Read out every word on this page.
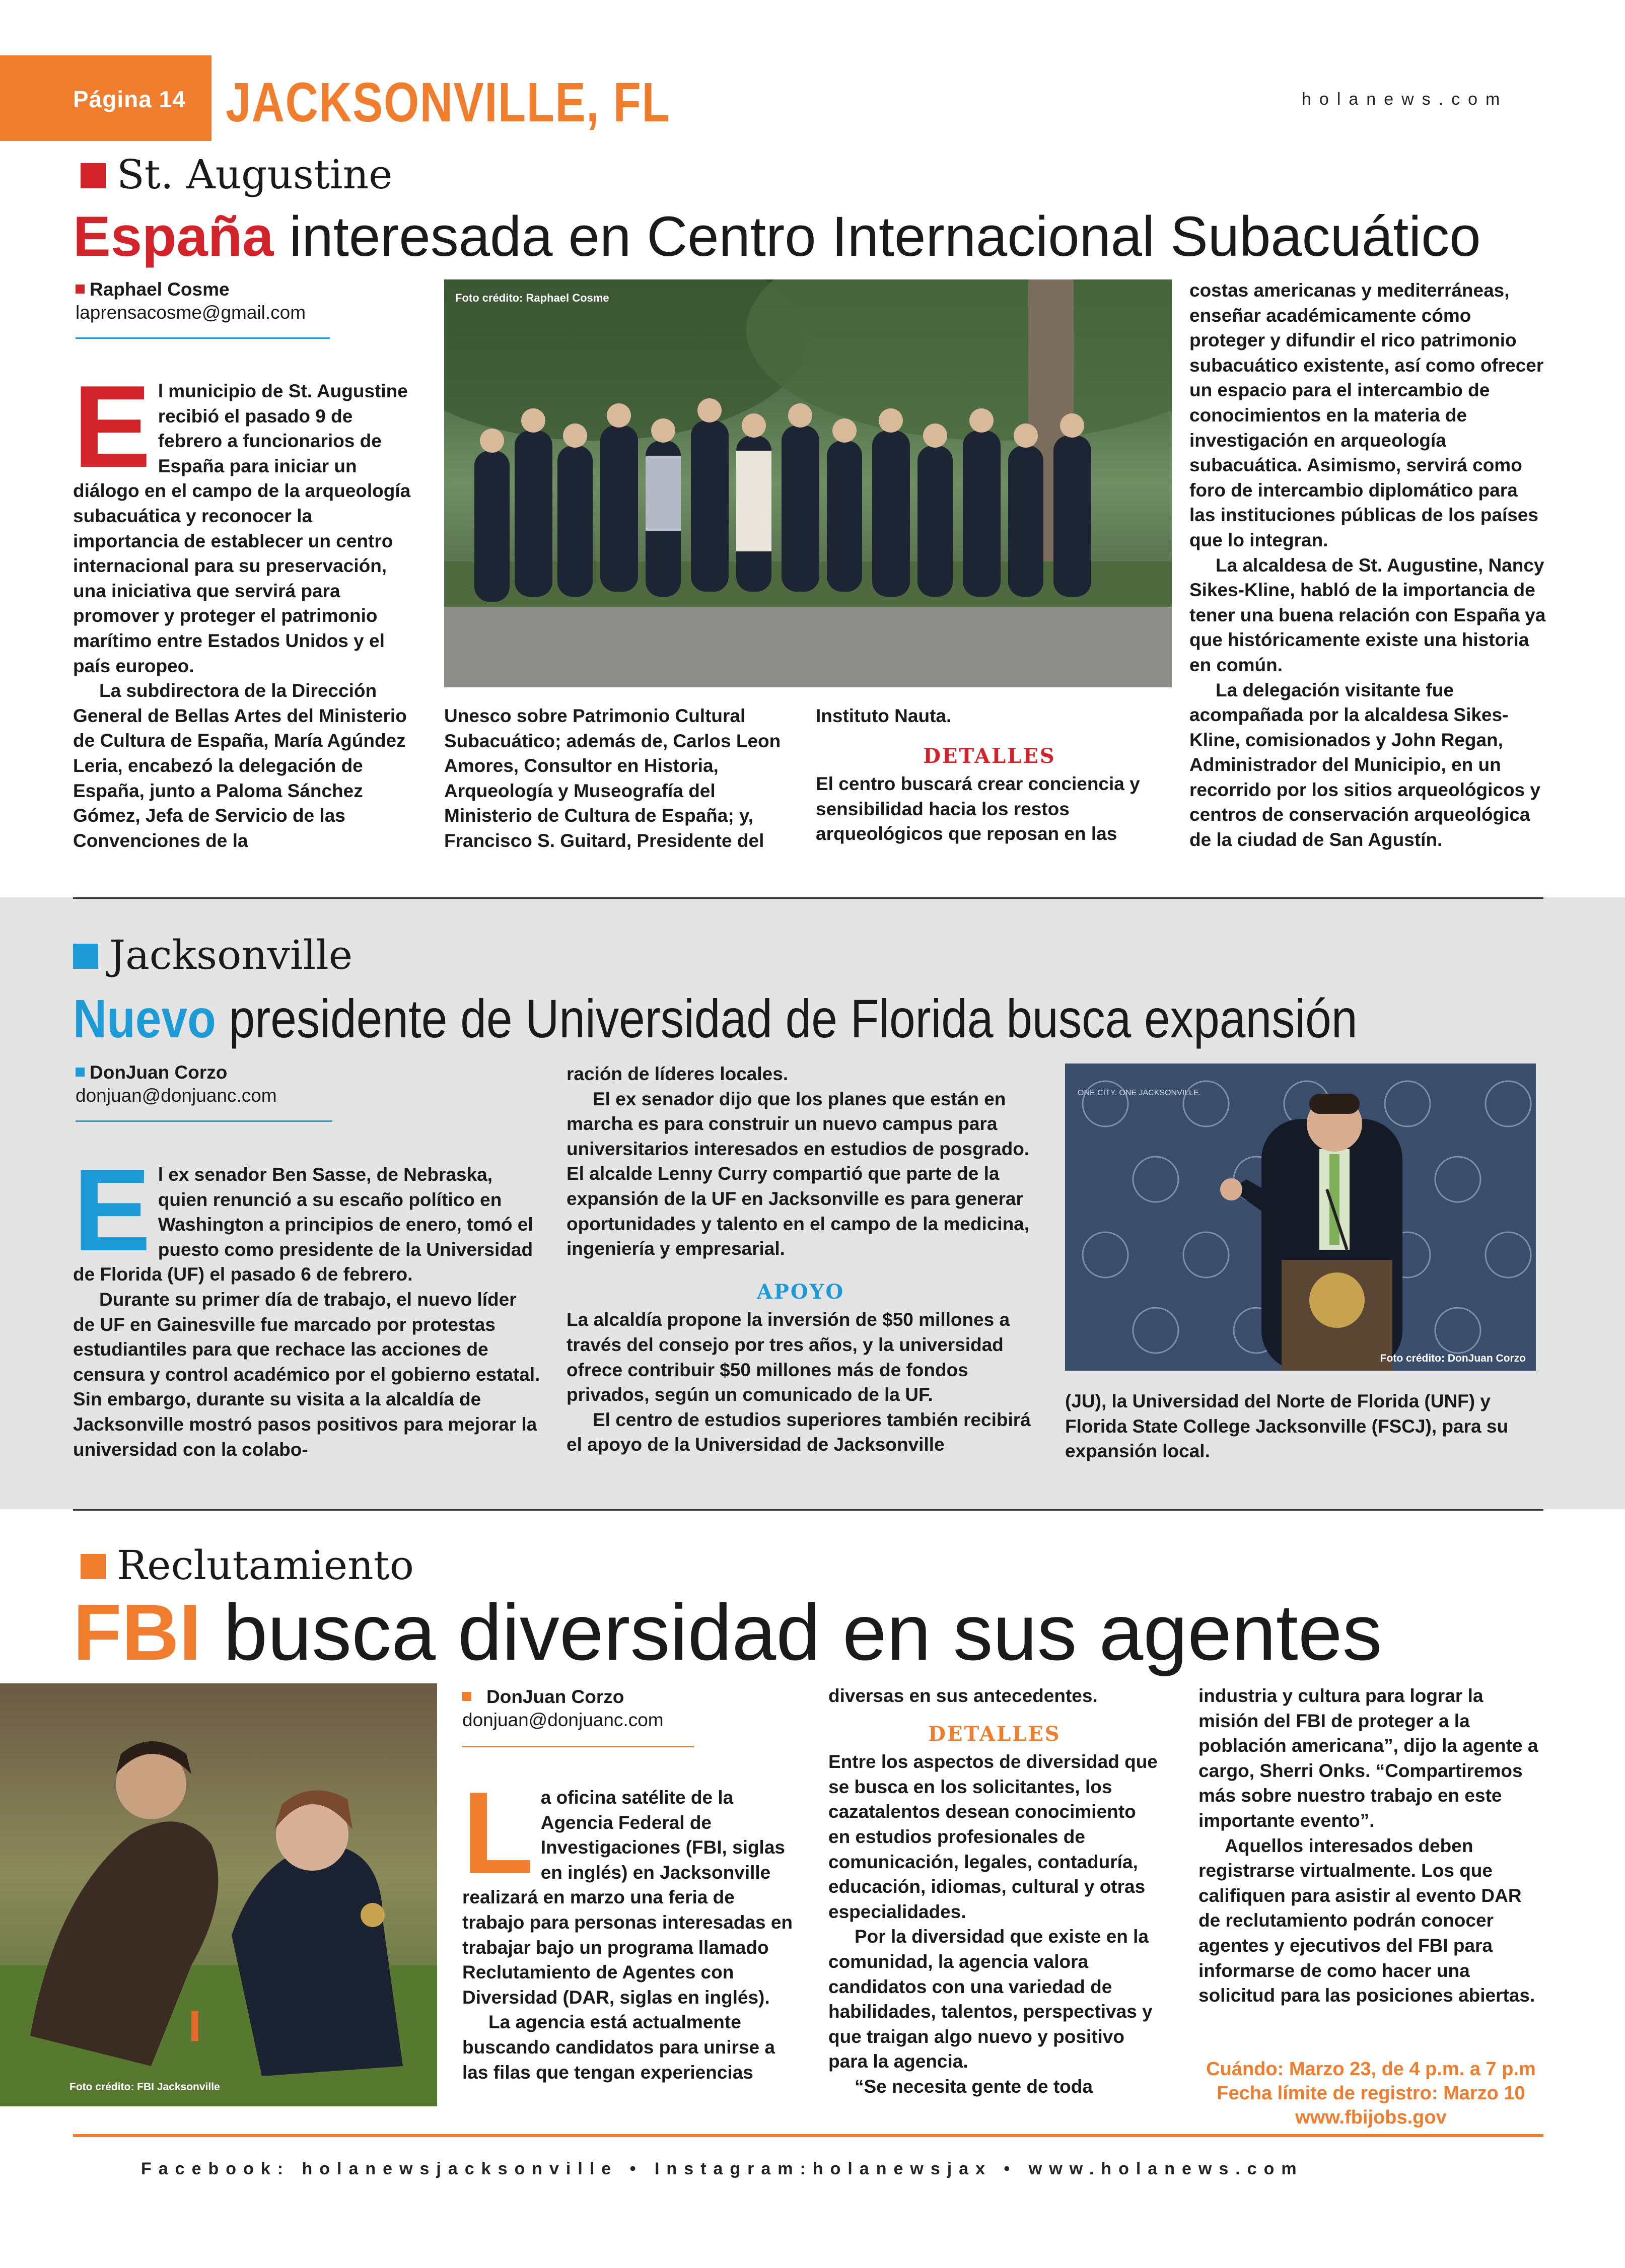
Página 14 JACKSONVILLE, FL	holanews.com
St. Augustine
España interesada en Centro Internacional Subacuático
Raphael Cosme
laprensacosme@gmail.com
E l municipio de St. Augustine recibió el pasado 9 de febrero a funcionarios de España para iniciar un diálogo en el campo de la arqueología subacuática y reconocer la importancia de establecer un centro internacional para su preservación, una iniciativa que servirá para promover y proteger el patrimonio marítimo entre Estados Unidos y el país europeo.

La subdirectora de la Dirección General de Bellas Artes del Ministerio de Cultura de España, María Agúndez Leria, encabezó la delegación de España, junto a Paloma Sánchez Gómez, Jefa de Servicio de las Convenciones de la

Foto crédito: Raphael Cosme

Unesco sobre Patrimonio Cultural Subacuático; además de, Carlos Leon Amores, Consultor en Historia, Arqueología y Museografía del Ministerio de Cultura de España; y, Francisco S. Guitard, Presidente del

Instituto Nauta.

DETALLES

El centro buscará crear conciencia y sensibilidad hacia los restos arqueológicos que reposan en las

costas americanas y mediterráneas, enseñar académicamente cómo proteger y difundir el rico patrimonio subacuático existente, así como ofrecer un espacio para el intercambio de conocimientos en la materia de investigación en arqueología subacuática. Asimismo, servirá como foro de intercambio diplomático para las instituciones públicas de los países que lo integran.

La alcaldesa de St. Augustine, Nancy Sikes-Kline, habló de la importancia de tener una buena relación con España ya que históricamente existe una historia en común.

La delegación visitante fue acompañada por la alcaldesa Sikes-Kline, comisionados y John Regan, Administrador del Municipio, en un recorrido por los sitios arqueológicos y centros de conservación arqueológica de la ciudad de San Agustín.

Jacksonville
Nuevo presidente de Universidad de Florida busca expansión
DonJuan Corzo
donjuan@donjuanc.com
E l ex senador Ben Sasse, de Nebraska, quien renunció a su escaño político en Washington a principios de enero, tomó el puesto como presidente de la Universidad de Florida (UF) el pasado 6 de febrero.

Durante su primer día de trabajo, el nuevo líder de UF en Gainesville fue marcado por protestas estudiantiles para que rechace las acciones de censura y control académico por el gobierno estatal. Sin embargo, durante su visita a la alcaldía de Jacksonville mostró pasos positivos para mejorar la universidad con la colabo-

ración de líderes locales.

El ex senador dijo que los planes que están en marcha es para construir un nuevo campus para universitarios interesados en estudios de posgrado. El alcalde Lenny Curry compartió que parte de la expansión de la UF en Jacksonville es para generar oportunidades y talento en el campo de la medicina, ingeniería y empresarial.

APOYO

La alcaldía propone la inversión de $50 millones a través del consejo por tres años, y la universidad ofrece contribuir $50 millones más de fondos privados, según un comunicado de la UF.

El centro de estudios superiores también recibirá el apoyo de la Universidad de Jacksonville

ONE CITY. ONE JACKSONVILLE.
Foto crédito: DonJuan Corzo

(JU), la Universidad del Norte de Florida (UNF) y Florida State College Jacksonville (FSCJ), para su expansión local.

Reclutamiento
FBI busca diversidad en sus agentes
Foto crédito: FBI Jacksonville
DonJuan Corzo
donjuan@donjuanc.com
L a oficina satélite de la Agencia Federal de Investigaciones (FBI, siglas en inglés) en Jacksonville realizará en marzo una feria de trabajo para personas interesadas en trabajar bajo un programa llamado Reclutamiento de Agentes con Diversidad (DAR, siglas en inglés).

La agencia está actualmente buscando candidatos para unirse a las filas que tengan experiencias

diversas en sus antecedentes.

DETALLES

Entre los aspectos de diversidad que se busca en los solicitantes, los cazatalentos desean conocimiento en estudios profesionales de comunicación, legales, contaduría, educación, idiomas, cultural y otras especialidades.

Por la diversidad que existe en la comunidad, la agencia valora candidatos con una variedad de habilidades, talentos, perspectivas y que traigan algo nuevo y positivo para la agencia.

“Se necesita gente de toda

industria y cultura para lograr la misión del FBI de proteger a la población americana”, dijo la agente a cargo, Sherri Onks. “Compartiremos más sobre nuestro trabajo en este importante evento”.

Aquellos interesados deben registrarse virtualmente. Los que califiquen para asistir al evento DAR de reclutamiento podrán conocer agentes y ejecutivos del FBI para informarse de como hacer una solicitud para las posiciones abiertas.

Cuándo: Marzo 23, de 4 p.m. a 7 p.m
Fecha límite de registro: Marzo 10
www.fbijobs.gov
Facebook: holanewsjacksonville • Instagram:holanewsjax • www.holanews.com
